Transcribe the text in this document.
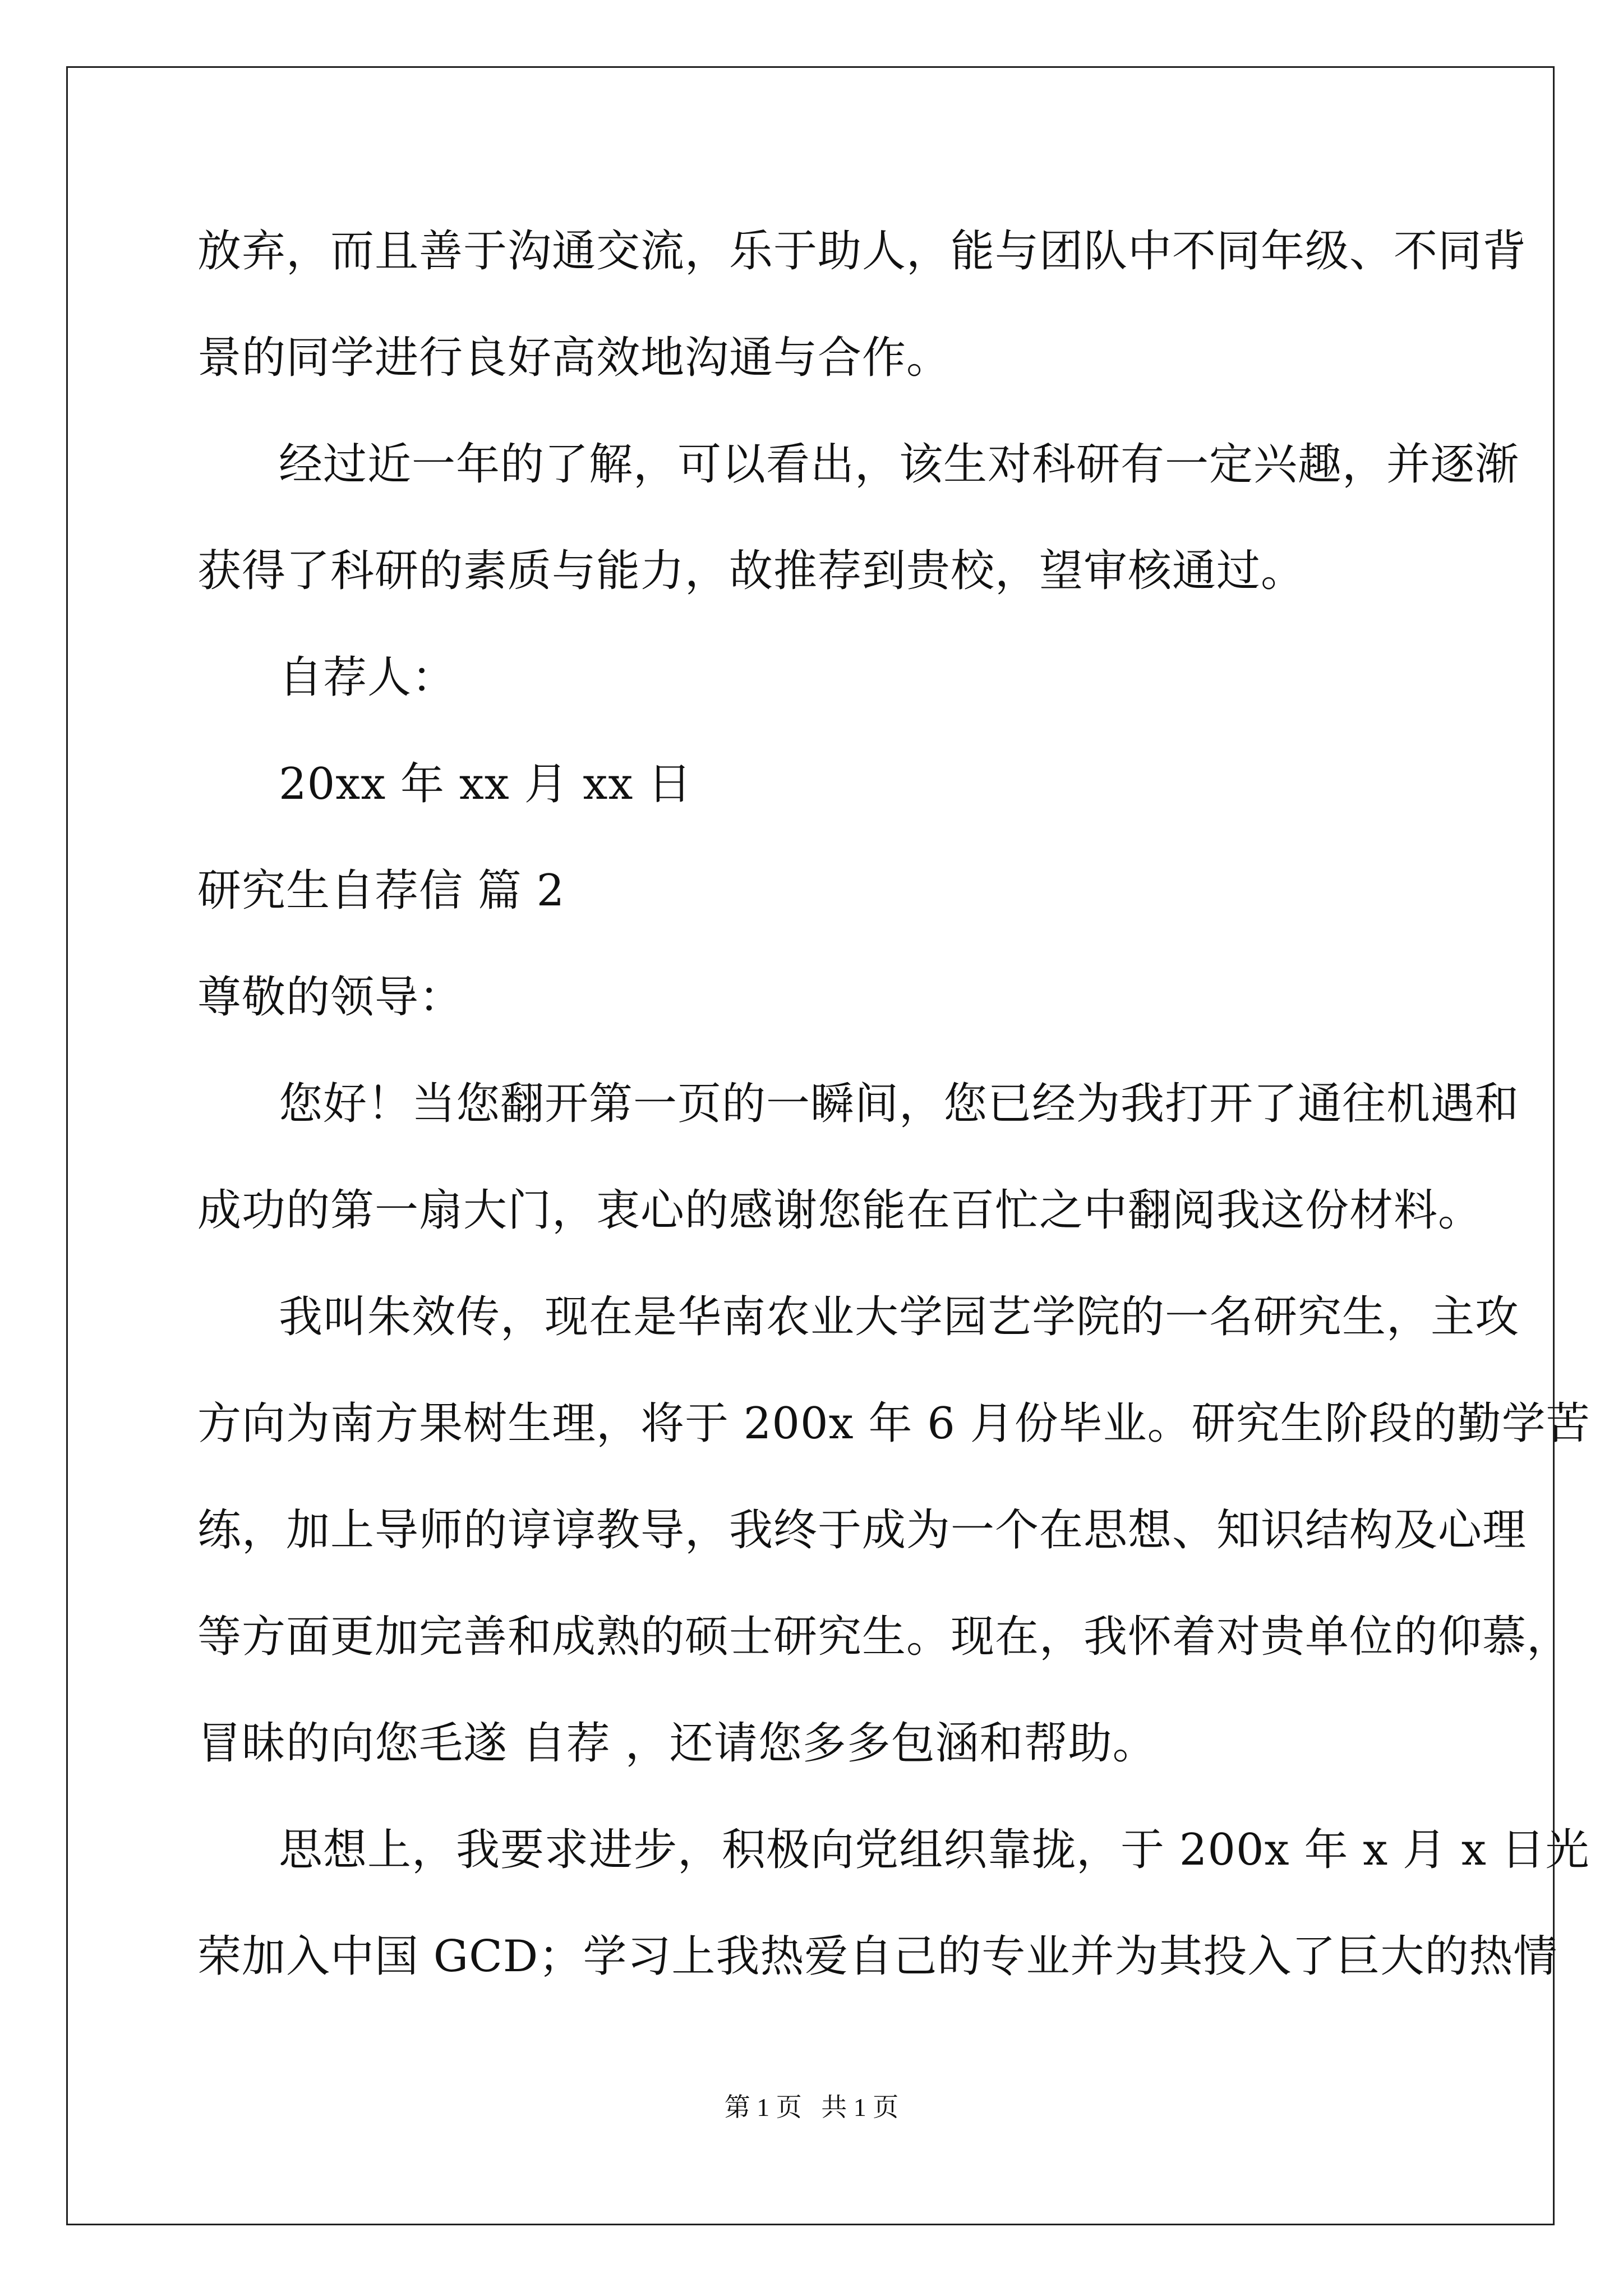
放弃，而且善于沟通交流，乐于助人，能与团队中不同年级、不同背
景的同学进行良好高效地沟通与合作。
经过近一年的了解，可以看出，该生对科研有一定兴趣，并逐渐
获得了科研的素质与能力，故推荐到贵校，望审核通过。
自荐人：
20xx 年 xx 月 xx 日
研究生自荐信 篇 2
尊敬的领导：
您好！当您翻开第一页的一瞬间，您已经为我打开了通往机遇和
成功的第一扇大门，衷心的感谢您能在百忙之中翻阅我这份材料。
我叫朱效传，现在是华南农业大学园艺学院的一名研究生，主攻
方向为南方果树生理，将于 200x 年 6 月份毕业。研究生阶段的勤学苦
练，加上导师的谆谆教导，我终于成为一个在思想、知识结构及心理
等方面更加完善和成熟的硕士研究生。现在，我怀着对贵单位的仰慕，
冒昧的向您毛遂 自荐 ，还请您多多包涵和帮助。
思想上，我要求进步，积极向党组织靠拢，于 200x 年 x 月 x 日光
荣加入中国 GCD；学习上我热爱自己的专业并为其投入了巨大的热情
第 1 页   共 1 页
